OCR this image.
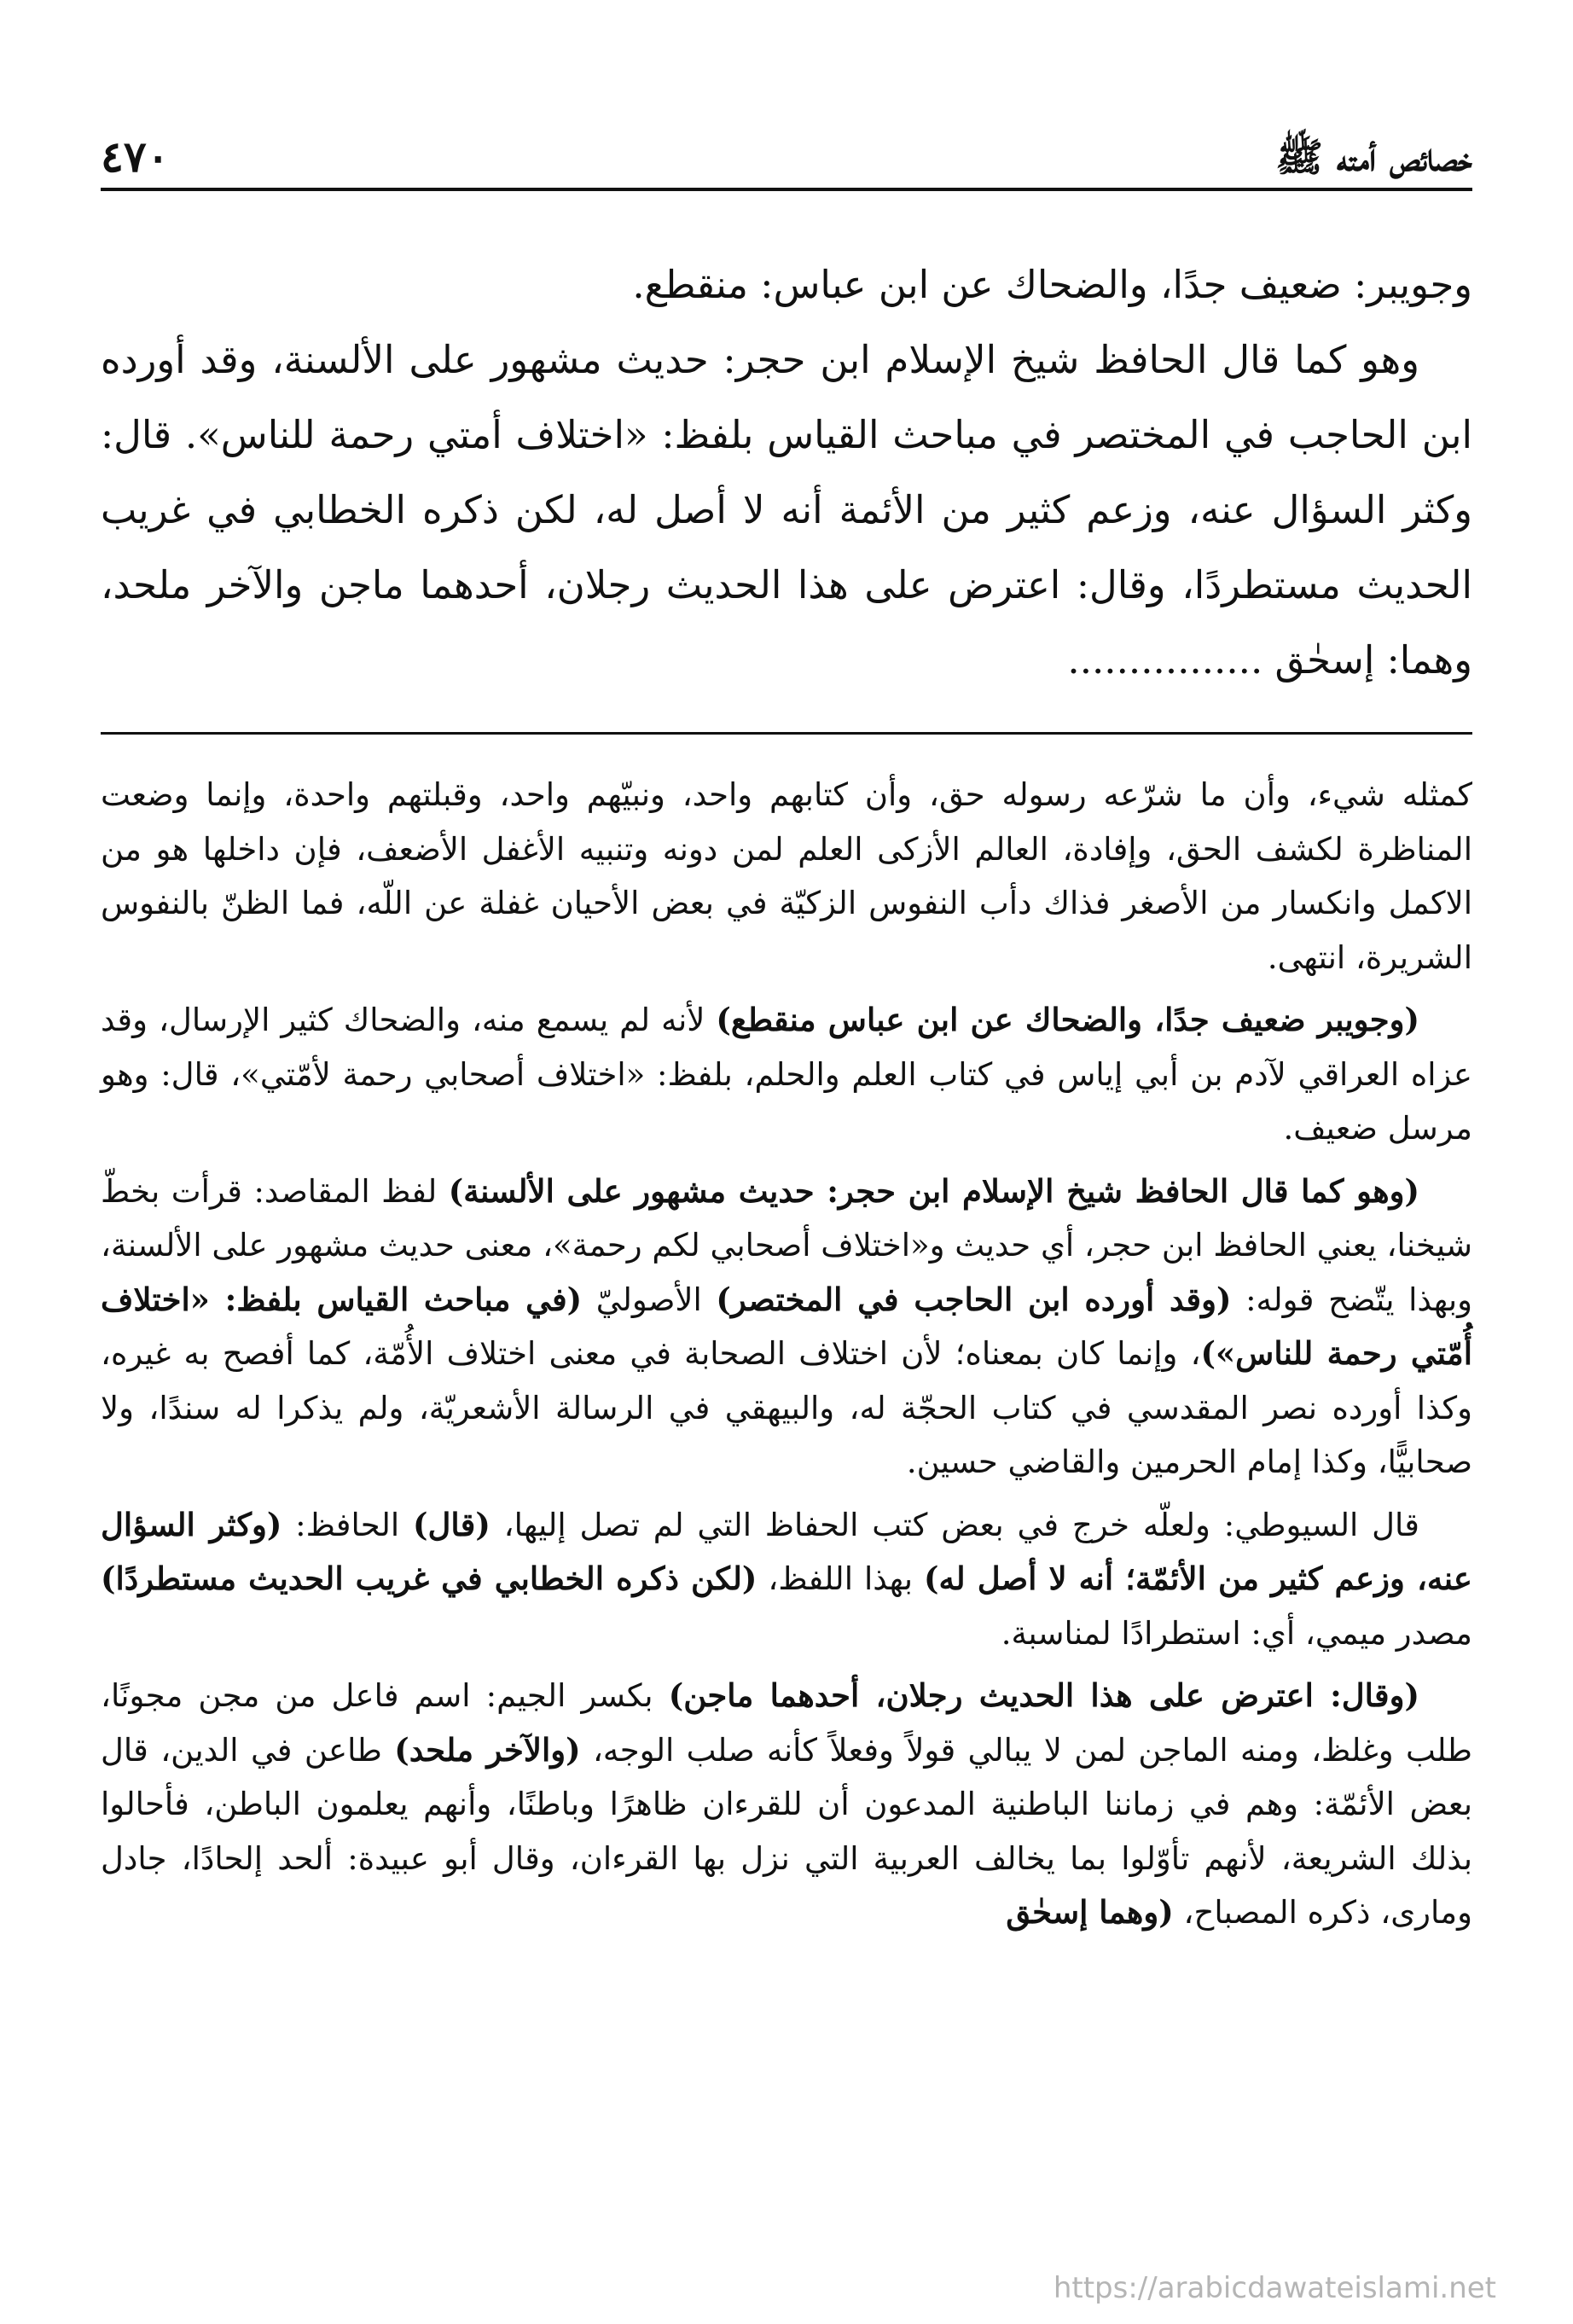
خصائص أمته ﷺ
٤٧٠

وجويبر: ضعيف جدًا، والضحاك عن ابن عباس: منقطع.

وهو كما قال الحافظ شيخ الإسلام ابن حجر: حديث مشهور على الألسنة، وقد أورده ابن الحاجب في المختصر في مباحث القياس بلفظ: «اختلاف أمتي رحمة للناس». قال: وكثر السؤال عنه، وزعم كثير من الأئمة أنه لا أصل له، لكن ذكره الخطابي في غريب الحديث مستطردًا، وقال: اعترض على هذا الحديث رجلان، أحدهما ماجن والآخر ملحد، وهما: إسحٰق ................

كمثله شيء، وأن ما شرّعه رسوله حق، وأن كتابهم واحد، ونبيّهم واحد، وقبلتهم واحدة، وإنما وضعت المناظرة لكشف الحق، وإفادة، العالم الأزكى العلم لمن دونه وتنبيه الأغفل الأضعف، فإن داخلها هو من الاكمل وانكسار من الأصغر فذاك دأب النفوس الزكيّة في بعض الأحيان غفلة عن اللّه، فما الظنّ بالنفوس الشريرة، انتهى.

(وجويبر ضعيف جدًا، والضحاك عن ابن عباس منقطع) لأنه لم يسمع منه، والضحاك كثير الإرسال، وقد عزاه العراقي لآدم بن أبي إياس في كتاب العلم والحلم، بلفظ: «اختلاف أصحابي رحمة لأمّتي»، قال: وهو مرسل ضعيف.

(وهو كما قال الحافظ شيخ الإسلام ابن حجر: حديث مشهور على الألسنة) لفظ المقاصد: قرأت بخطّ شيخنا، يعني الحافظ ابن حجر، أي حديث و«اختلاف أصحابي لكم رحمة»، معنى حديث مشهور على الألسنة، وبهذا يتّضح قوله: (وقد أورده ابن الحاجب في المختصر) الأصوليّ (في مباحث القياس بلفظ: «اختلاف أُمّتي رحمة للناس»)، وإنما كان بمعناه؛ لأن اختلاف الصحابة في معنى اختلاف الأُمّة، كما أفصح به غيره، وكذا أورده نصر المقدسي في كتاب الحجّة له، والبيهقي في الرسالة الأشعريّة، ولم يذكرا له سندًا، ولا صحابيًّا، وكذا إمام الحرمين والقاضي حسين.

قال السيوطي: ولعلّه خرج في بعض كتب الحفاظ التي لم تصل إليها، (قال) الحافظ: (وكثر السؤال عنه، وزعم كثير من الأئمّة؛ أنه لا أصل له) بهذا اللفظ، (لكن ذكره الخطابي في غريب الحديث مستطردًا) مصدر ميمي، أي: استطرادًا لمناسبة.

(وقال: اعترض على هذا الحديث رجلان، أحدهما ماجن) بكسر الجيم: اسم فاعل من مجن مجونًا، طلب وغلظ، ومنه الماجن لمن لا يبالي قولاً وفعلاً كأنه صلب الوجه، (والآخر ملحد) طاعن في الدين، قال بعض الأئمّة: وهم في زماننا الباطنية المدعون أن للقرءان ظاهرًا وباطنًا، وأنهم يعلمون الباطن، فأحالوا بذلك الشريعة، لأنهم تأوّلوا بما يخالف العربية التي نزل بها القرءان، وقال أبو عبيدة: ألحد إلحادًا، جادل ومارى، ذكره المصباح، (وهما إسحٰق

https://arabicdawateislami.net
